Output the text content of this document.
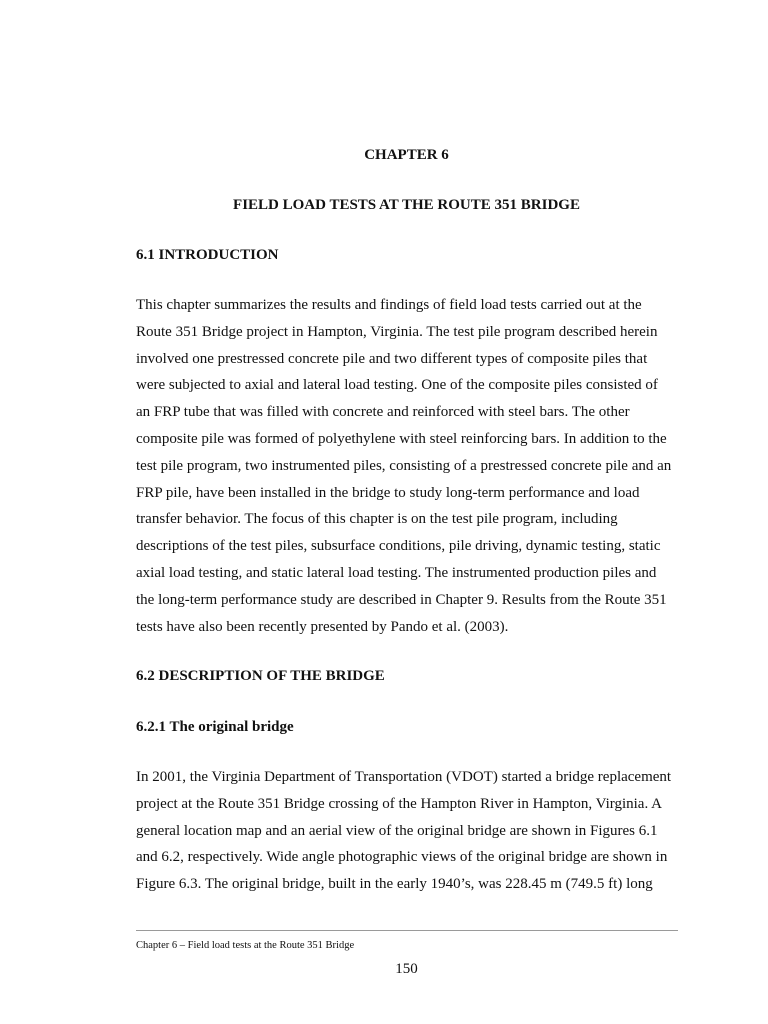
CHAPTER 6
FIELD LOAD TESTS AT THE ROUTE 351 BRIDGE
6.1 INTRODUCTION
This chapter summarizes the results and findings of field load tests carried out at the
Route 351 Bridge project in Hampton, Virginia. The test pile program described herein
involved one prestressed concrete pile and two different types of composite piles that
were subjected to axial and lateral load testing. One of the composite piles consisted of
an FRP tube that was filled with concrete and reinforced with steel bars. The other
composite pile was formed of polyethylene with steel reinforcing bars. In addition to the
test pile program, two instrumented piles, consisting of a prestressed concrete pile and an
FRP pile, have been installed in the bridge to study long-term performance and load
transfer behavior. The focus of this chapter is on the test pile program, including
descriptions of the test piles, subsurface conditions, pile driving, dynamic testing, static
axial load testing, and static lateral load testing. The instrumented production piles and
the long-term performance study are described in Chapter 9. Results from the Route 351
tests have also been recently presented by Pando et al. (2003).
6.2 DESCRIPTION OF THE BRIDGE
6.2.1 The original bridge
In 2001, the Virginia Department of Transportation (VDOT) started a bridge replacement
project at the Route 351 Bridge crossing of the Hampton River in Hampton, Virginia. A
general location map and an aerial view of the original bridge are shown in Figures 6.1
and 6.2, respectively. Wide angle photographic views of the original bridge are shown in
Figure 6.3. The original bridge, built in the early 1940’s, was 228.45 m (749.5 ft) long
Chapter 6 – Field load tests at the Route 351 Bridge
150
